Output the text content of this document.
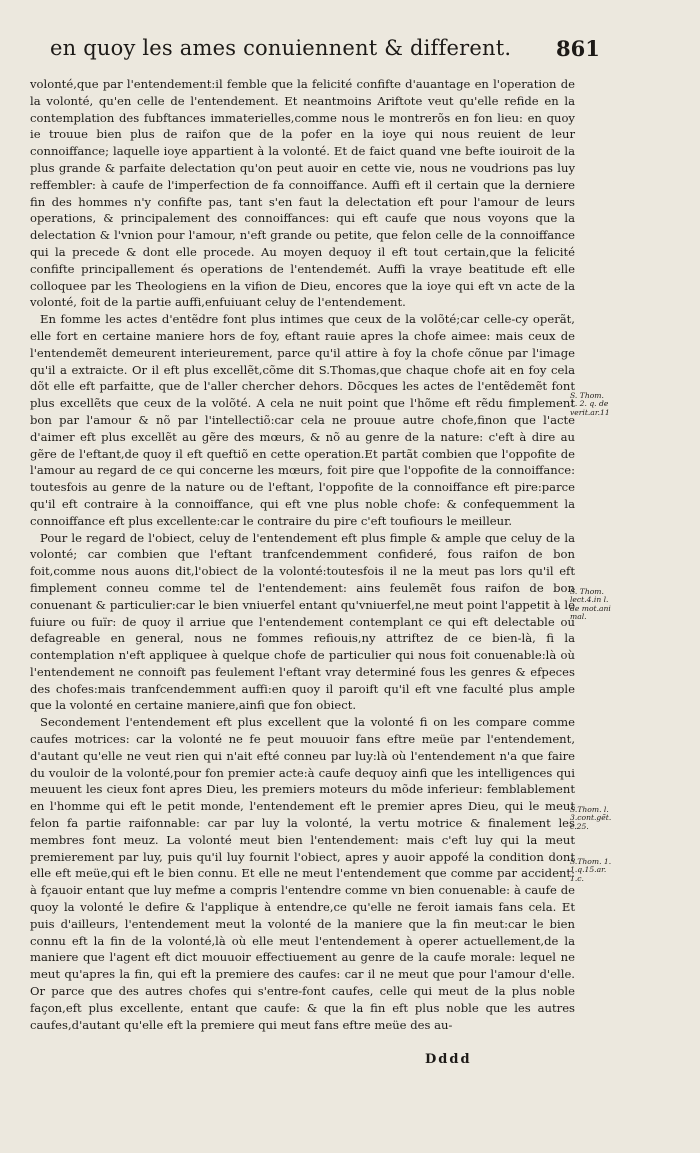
en quoy les ames conuiennent & different.	861

volonté,que par l'entendement:il femble que la felicité confifte d'auantage en l'operation de la volonté, qu'en celle de l'entendement. Et neantmoins Ariftote veut qu'elle refide en la contemplation des fubftances immaterielles,comme nous le montrerõs en fon lieu: en quoy ie trouue bien plus de raifon que de la pofer en la ioye qui nous reuient de leur connoiffance; laquelle ioye appartient à la volonté. Et de faict quand vne befte iouiroit de la plus grande & parfaite delectation qu'on peut auoir en cette vie, nous ne voudrions pas luy reffembler: à caufe de l'imperfection de fa connoiffance. Auffi eft il certain que la derniere fin des hommes n'y confifte pas, tant s'en faut la delectation eft pour l'amour de leurs operations, & principalement des connoiffances: qui eft caufe que nous voyons que la delectation & l'vnion pour l'amour, n'eft grande ou petite, que felon celle de la connoiffance qui la precede & dont elle procede. Au moyen dequoy il eft tout certain,que la felicité confifte principallement és operations de l'entendemét. Auffi la vraye beatitude eft elle colloquee par les Theologiens en la vifion de Dieu, encores que la ioye qui eft vn acte de la volonté, foit de la partie auffi,enfuiuant celuy de l'entendement.

En fomme les actes d'entẽdre font plus intimes que ceux de la volõté;car celle-cy operãt, elle fort en certaine maniere hors de foy, eftant rauie apres la chofe aimee: mais ceux de l'entendemẽt demeurent interieurement, parce qu'il attire à foy la chofe cõnue par l'image qu'il a extraicte. Or il eft plus excellẽt,cõme dit S.Thomas,que chaque chofe ait en foy cela dõt elle eft parfaitte, que de l'aller chercher dehors. Dõcques les actes de l'entẽdemẽt font plus excellẽts que ceux de la volõté. A cela ne nuit point que l'hõme eft rẽdu fimplement bon par l'amour & nõ par l'intellectiõ:car cela ne prouue autre chofe,finon que l'acte d'aimer eft plus excellẽt au gẽre des mœurs, & nõ au genre de la nature: c'eft à dire au gẽre de l'eftant,de quoy il eft queftiõ en cette operation.Et partãt combien que l'oppofite de l'amour au regard de ce qui concerne les mœurs, foit pire que l'oppofite de la connoiffance: toutesfois au genre de la nature ou de l'eftant, l'oppofite de la connoiffance eft pire:parce qu'il eft contraire à la connoiffance, qui eft vne plus noble chofe: & confequemment la connoiffance eft plus excellente:car le contraire du pire c'eft toufiours le meilleur.

Pour le regard de l'obiect, celuy de l'entendement eft plus fimple & ample que celuy de la volonté; car combien que l'eftant tranfcendemment confideré, fous raifon de bon foit,comme nous auons dit,l'obiect de la volonté:toutesfois il ne la meut pas lors qu'il eft fimplement conneu comme tel de l'entendement: ains feulemẽt fous raifon de bon conuenant & particulier:car le bien vniuerfel entant qu'vniuerfel,ne meut point l'appetit à le fuiure ou fuïr: de quoy il arriue que l'entendement contemplant ce qui eft delectable ou defagreable en general, nous ne fommes refiouis,ny attriftez de ce bien-là, fi la contemplation n'eft appliquee à quelque chofe de particulier qui nous foit conuenable:là où l'entendement ne connoift pas feulement l'eftant vray determiné fous les genres & efpeces des chofes:mais tranfcendemment auffi:en quoy il paroift qu'il eft vne faculté plus ample que la volonté en certaine maniere,ainfi que fon obiect.

Secondement l'entendement eft plus excellent que la volonté fi on les compare comme caufes motrices: car la volonté ne fe peut mouuoir fans eftre meüe par l'entendement, d'autant qu'elle ne veut rien qui n'ait efté conneu par luy:là où l'entendement n'a que faire du vouloir de la volonté,pour fon premier acte:à caufe dequoy ainfi que les intelligences qui meuuent les cieux font apres Dieu, les premiers moteurs du mõde inferieur: femblablement en l'homme qui eft le petit monde, l'entendement eft le premier apres Dieu, qui le meut felon fa partie raifonnable: car par luy la volonté, la vertu motrice & finalement les membres font meuz. La volonté meut bien l'entendement: mais c'eft luy qui la meut premierement par luy, puis qu'il luy fournit l'obiect, apres y auoir appofé la condition dont elle eft meüe,qui eft le bien connu. Et elle ne meut l'entendement que comme par accident: à fçauoir entant que luy mefme a compris l'entendre comme vn bien conuenable: à caufe de quoy la volonté le defire & l'applique à entendre,ce qu'elle ne feroit iamais fans cela. Et puis d'ailleurs, l'entendement meut la volonté de la maniere que la fin meut:car le bien connu eft la fin de la volonté,là où elle meut l'entendement à operer actuellement,de la maniere que l'agent eft dict mouuoir effectiuement au genre de la caufe morale: lequel ne meut qu'apres la fin, qui eft la premiere des caufes: car il ne meut que pour l'amour d'elle. Or parce que des autres chofes qui s'entre-font caufes, celle qui meut de la plus noble façon,eft plus excellente, entant que caufe: & que la fin eft plus noble que les autres caufes,d'autant qu'elle eft la premiere qui meut fans eftre meüe des au-

S. Thom.
1. 2. q. de
verit.ar.11
S. Thom.
lect.4.in l.
de mot.ani
mal.
S.Thom. l.
3.cont.gẽt.
c.25.
S.Thom. 1.
1.q.15.ar.
1.c.
Dddd
